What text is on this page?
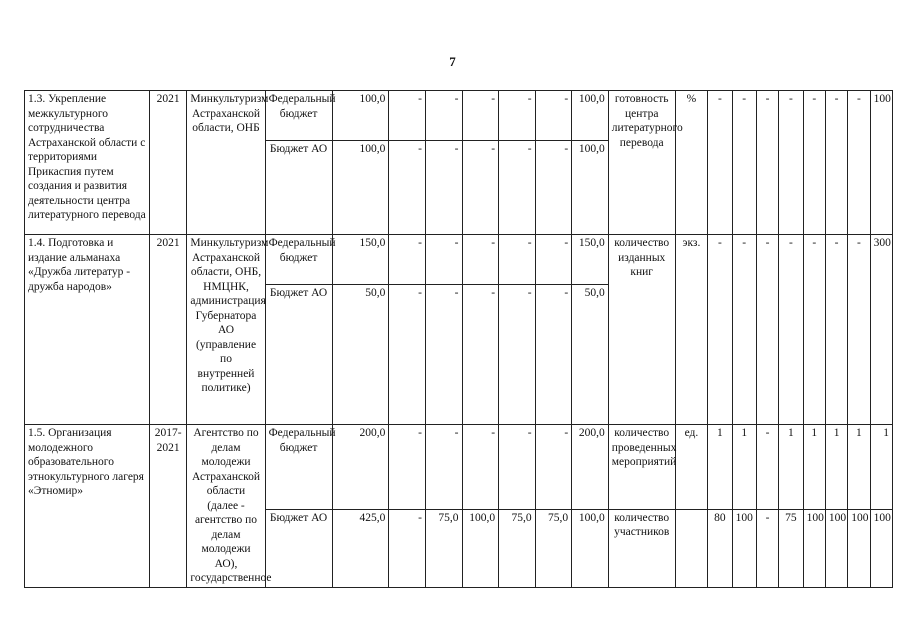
7
1.3. Укрепление межкультурного сотрудничества Астраханской области с территориями Прикаспия путем создания и развития деятельности центра литературного перевода	2021	Минкультуризм Астраханской области, ОНБ	Федеральный бюджет	100,0	-	-	-	-	-	100,0	готовность центра литературного перевода	%	-	-	-	-	-	-	-	100
			Бюджет АО	100,0	-	-	-	-	-	100,0										
1.4. Подготовка и издание альманаха «Дружба литератур - дружба народов»	2021	Минкультуризм Астраханской области, ОНБ, НМЦНК, администрация Губернатора АО (управление по внутренней политике)	Федеральный бюджет	150,0	-	-	-	-	-	150,0	количество изданных книг	экз.	-	-	-	-	-	-	-	300
			Бюджет АО	50,0	-	-	-	-	-	50,0										
1.5. Организация молодежного образовательного этнокультурного лагеря «Этномир»	2017-2021	Агентство по делам молодежи Астраханской области (далее - агентство по делам молодежи АО), государственное	Федеральный бюджет	200,0	-	-	-	-	-	200,0	количество проведенных мероприятий	ед.	1	1	-	1	1	1	1	1
			Бюджет АО	425,0	-	75,0	100,0	75,0	75,0	100,0	количество участников		80	100	-	75	100	100	100	100
